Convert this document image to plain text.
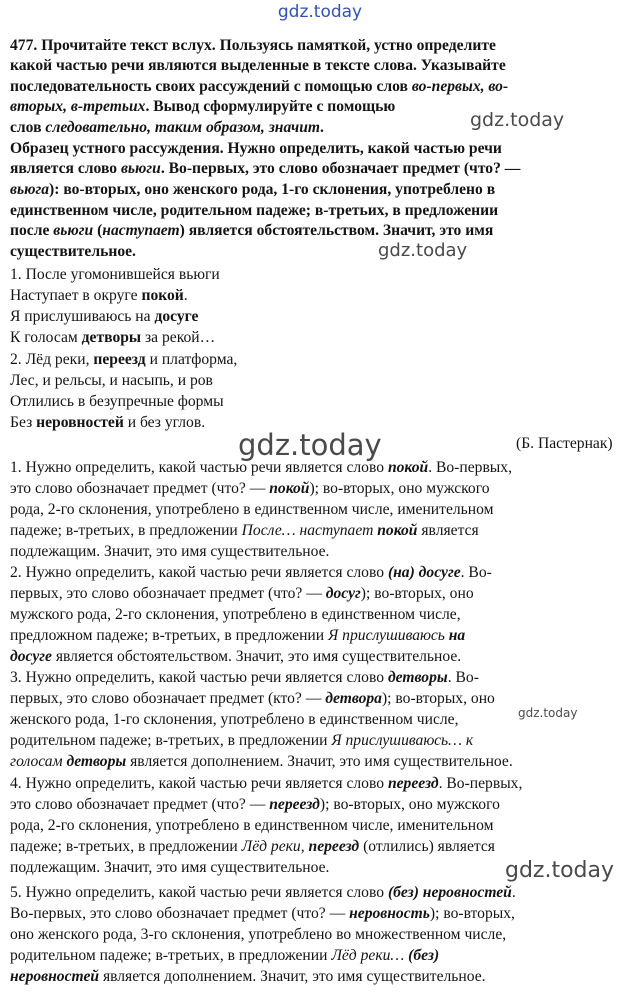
gdz.today
gdz.today
gdz.today
gdz.today
gdz.today
gdz.today
477. Прочитайте текст вслух. Пользуясь памяткой, устно определите
какой частью речи являются выделенные в тексте слова. Указывайте
последовательность своих рассуждений с помощью слов во-первых, во-
вторых, в-третьих. Вывод сформулируйте с помощью
слов следовательно, таким образом, значит.
Образец устного рассуждения. Нужно определить, какой частью речи
является слово вьюги. Во-первых, это слово обозначает предмет (что? —
вьюга): во-вторых, оно женского рода, 1-го склонения, употреблено в
единственном числе, родительном падеже; в-третьих, в предложении
после вьюги (наступает) является обстоятельством. Значит, это имя
существительное.
1. После угомонившейся вьюги
Наступает в округе покой.
Я прислушиваюсь на досуге
К голосам детворы за рекой…
2. Лёд реки, переезд и платформа,
Лес, и рельсы, и насыпь, и ров
Отлились в безупречные формы
Без неровностей и без углов.
1. Нужно определить, какой частью речи является слово покой. Во-первых,
это слово обозначает предмет (что? — покой); во-вторых, оно мужского
рода, 2-го склонения, употреблено в единственном числе, именительном
падеже; в-третьих, в предложении После… наступает покой является
подлежащим. Значит, это имя существительное.
2. Нужно определить, какой частью речи является слово (на) досуге. Во-
первых, это слово обозначает предмет (что? — досуг); во-вторых, оно
мужского рода, 2-го склонения, употреблено в единственном числе,
предложном падеже; в-третьих, в предложении Я прислушиваюсь на
досуге является обстоятельством. Значит, это имя существительное.
3. Нужно определить, какой частью речи является слово детворы. Во-
первых, это слово обозначает предмет (кто? — детвора); во-вторых, оно
женского рода, 1-го склонения, употреблено в единственном числе,
родительном падеже; в-третьих, в предложении Я прислушиваюсь… к
голосам детворы является дополнением. Значит, это имя существительное.
4. Нужно определить, какой частью речи является слово переезд. Во-первых,
это слово обозначает предмет (что? — переезд); во-вторых, оно мужского
рода, 2-го склонения, употреблено в единственном числе, именительном
падеже; в-третьих, в предложении Лёд реки, переезд (отлились) является
подлежащим. Значит, это имя существительное.
5. Нужно определить, какой частью речи является слово (без) неровностей.
Во-первых, это слово обозначает предмет (что? — неровность); во-вторых,
оно женского рода, 3-го склонения, употреблено во множественном числе,
родительном падеже; в-третьих, в предложении Лёд реки… (без)
неровностей является дополнением. Значит, это имя существительное.
(Б. Пастернак)
